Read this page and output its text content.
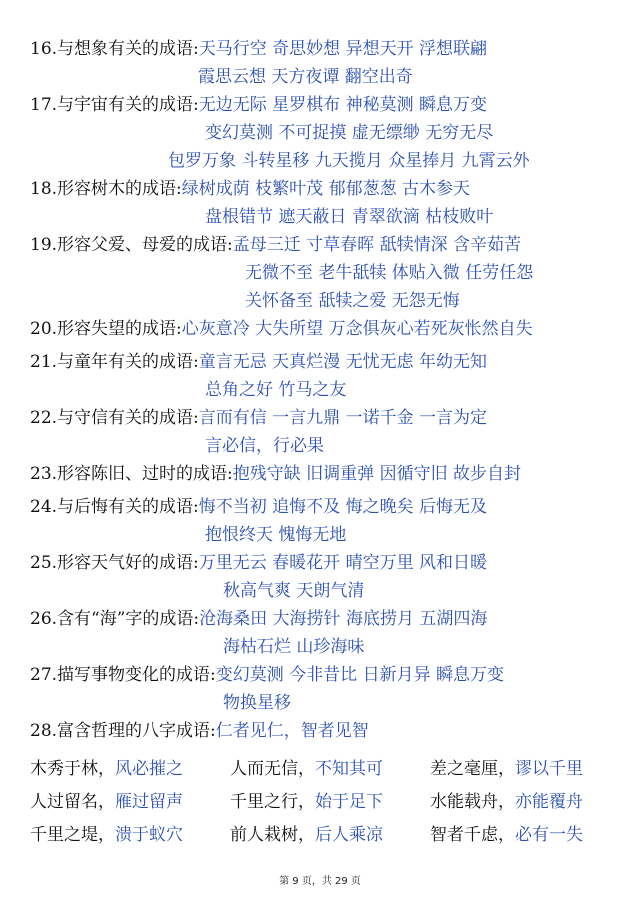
16.与想象有关的成语: 天马行空 奇思妙想 异想天开 浮想联翩
霞思云想 天方夜谭 翻空出奇
17.与宇宙有关的成语: 无边无际 星罗棋布 神秘莫测 瞬息万变
变幻莫测 不可捉摸 虚无缥缈 无穷无尽
包罗万象 斗转星移 九天揽月 众星捧月 九霄云外
18.形容树木的成语: 绿树成荫 枝繁叶茂 郁郁葱葱 古木参天
盘根错节 遮天蔽日 青翠欲滴 枯枝败叶
19.形容父爱、母爱的成语: 孟母三迁 寸草春晖 舐犊情深 含辛茹苦
无微不至 老牛舐犊 体贴入微 任劳任怨
关怀备至 舐犊之爱 无怨无悔
20.形容失望的成语: 心灰意冷 大失所望 万念俱灰心若死灰怅然自失
21.与童年有关的成语: 童言无忌 天真烂漫 无忧无虑 年幼无知
总角之好 竹马之友
22.与守信有关的成语: 言而有信 一言九鼎 一诺千金 一言为定
言必信，行必果
23.形容陈旧、过时的成语: 抱残守缺 旧调重弹 因循守旧 故步自封
24.与后悔有关的成语: 悔不当初 追悔不及 悔之晚矣 后悔无及
抱恨终天 愧悔无地
25.形容天气好的成语: 万里无云 春暖花开 晴空万里 风和日暖
秋高气爽 天朗气清
26.含有“海”字的成语: 沧海桑田 大海捞针 海底捞月 五湖四海
海枯石烂 山珍海味
27.描写事物变化的成语: 变幻莫测 今非昔比 日新月异 瞬息万变
物换星移
28.富含哲理的八字成语: 仁者见仁，智者见智
木秀于林，风必摧之	人而无信，不知其可	差之毫厘，谬以千里
人过留名，雁过留声	千里之行，始于足下	水能载舟，亦能覆舟
千里之堤，溃于蚁穴	前人栽树，后人乘凉	智者千虑，必有一失
第 9 页，共 29 页
